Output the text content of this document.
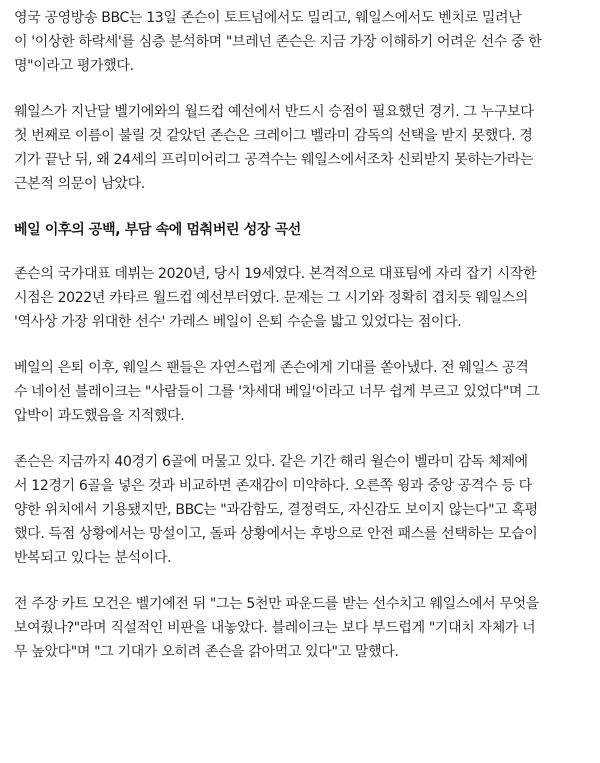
영국 공영방송 BBC는 13일 존슨이 토트넘에서도 밀리고, 웨일스에서도 벤치로 밀려난
이 '이상한 하락세'를 심층 분석하며 "브레넌 존슨은 지금 가장 이해하기 어려운 선수 중 한
명"이라고 평가했다.

웨일스가 지난달 벨기에와의 월드컵 예선에서 반드시 승점이 필요했던 경기. 그 누구보다
첫 번째로 이름이 불릴 것 같았던 존슨은 크레이그 벨라미 감독의 선택을 받지 못했다. 경
기가 끝난 뒤, 왜 24세의 프리미어리그 공격수는 웨일스에서조차 신뢰받지 못하는가라는
근본적 의문이 남았다.

베일 이후의 공백, 부담 속에 멈춰버린 성장 곡선

존슨의 국가대표 데뷔는 2020년, 당시 19세였다. 본격적으로 대표팀에 자리 잡기 시작한
시점은 2022년 카타르 월드컵 예선부터였다. 문제는 그 시기와 정확히 겹치듯 웨일스의
'역사상 가장 위대한 선수' 가레스 베일이 은퇴 수순을 밟고 있었다는 점이다.

베일의 은퇴 이후, 웨일스 팬들은 자연스럽게 존슨에게 기대를 쏟아냈다. 전 웨일스 공격
수 네이선 블레이크는 "사람들이 그를 '차세대 베일'이라고 너무 쉽게 부르고 있었다"며 그
압박이 과도했음을 지적했다.

존슨은 지금까지 40경기 6골에 머물고 있다. 같은 기간 해리 윌슨이 벨라미 감독 체제에
서 12경기 6골을 넣은 것과 비교하면 존재감이 미약하다. 오른쪽 윙과 중앙 공격수 등 다
양한 위치에서 기용됐지만, BBC는 "과감함도, 결정력도, 자신감도 보이지 않는다"고 혹평
했다. 득점 상황에서는 망설이고, 돌파 상황에서는 후방으로 안전 패스를 선택하는 모습이
반복되고 있다는 분석이다.

전 주장 카트 모건은 벨기에전 뒤 "그는 5천만 파운드를 받는 선수치고 웨일스에서 무엇을
보여줬나?"라며 직설적인 비판을 내놓았다. 블레이크는 보다 부드럽게 "기대치 자체가 너
무 높았다"며 "그 기대가 오히려 존슨을 갉아먹고 있다"고 말했다.
